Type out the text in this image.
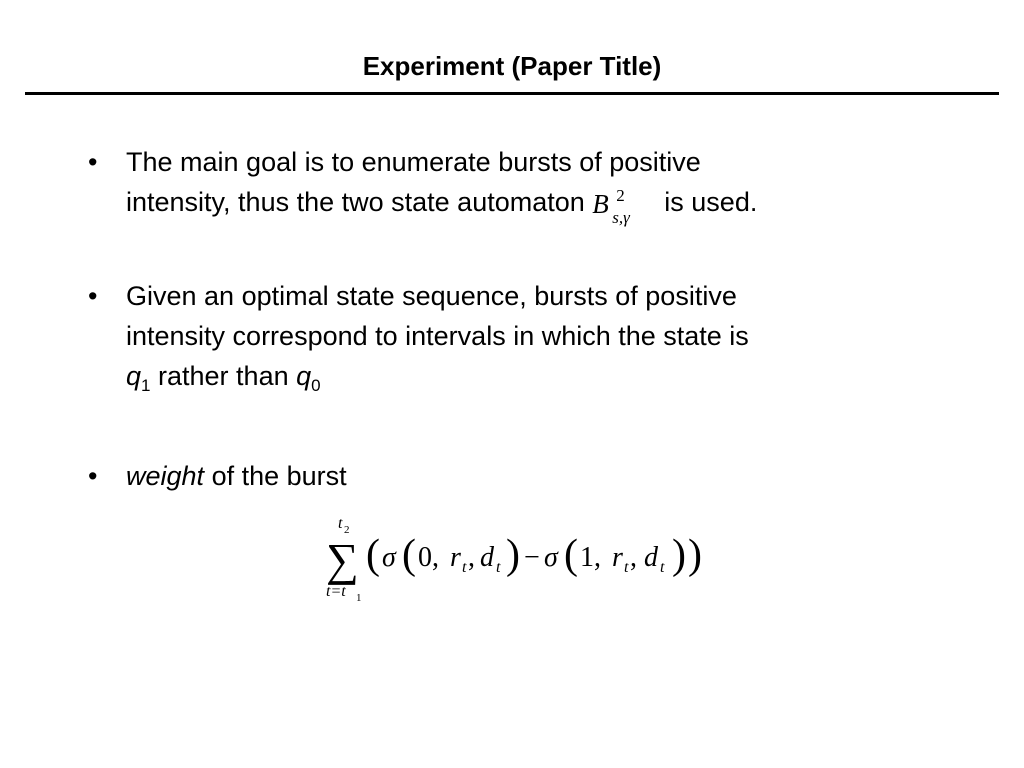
Experiment (Paper Title)
• The main goal is to enumerate bursts of positive
intensity, thus the two state automaton B 2
s,γ
is used.
• Given an optimal state sequence, bursts of positive
intensity correspond to intervals in which the state is
$q_1$ rather than $q_0$
• weight of the burst
t 2
t=t 1
∑ ( σ ( 0, r t , d t ) − σ ( 1, r t , d t ) )
